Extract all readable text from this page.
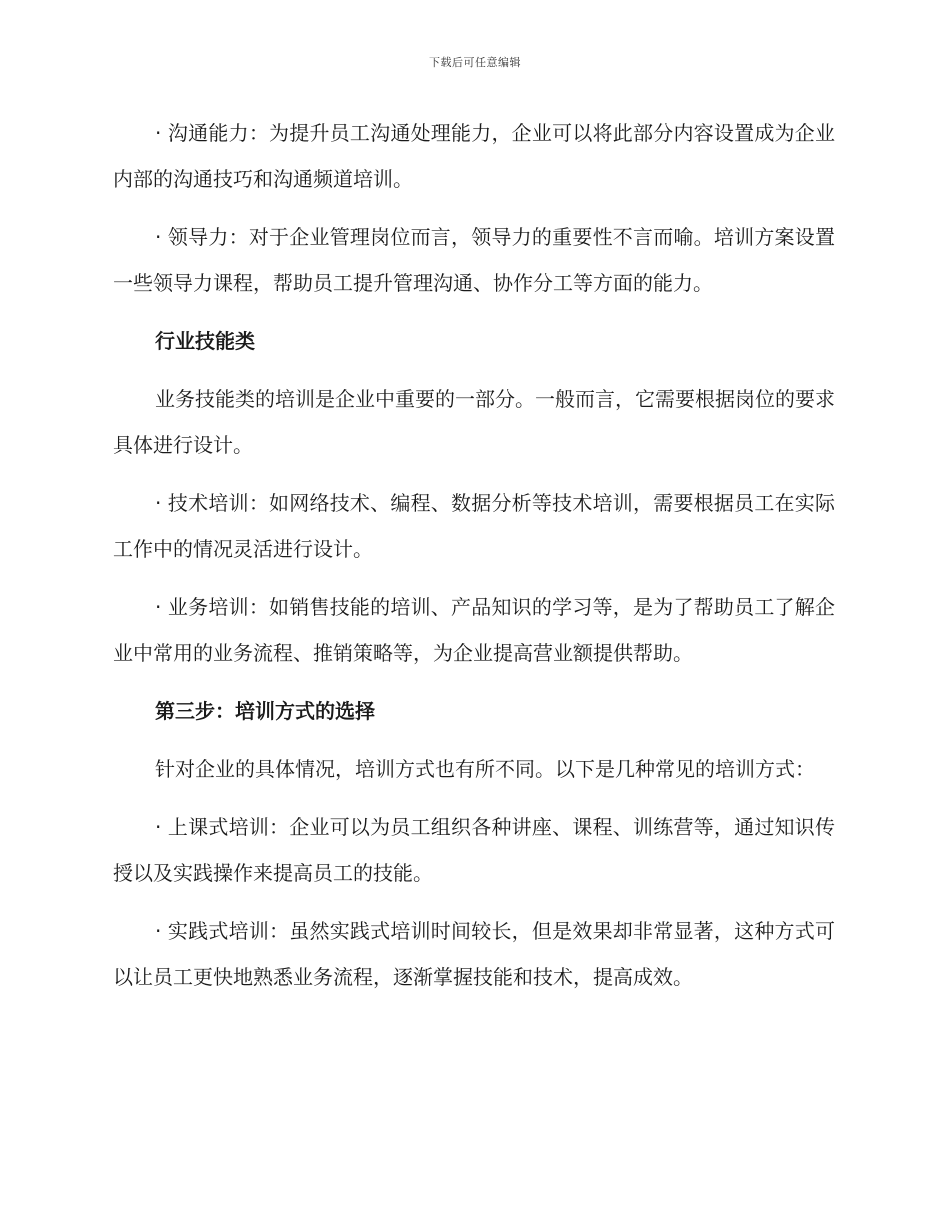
下载后可任意编辑

· 沟通能力：为提升员工沟通处理能力，企业可以将此部分内容设置成为企业内部的沟通技巧和沟通频道培训。

· 领导力：对于企业管理岗位而言，领导力的重要性不言而喻。培训方案设置一些领导力课程，帮助员工提升管理沟通、协作分工等方面的能力。

行业技能类

业务技能类的培训是企业中重要的一部分。一般而言，它需要根据岗位的要求具体进行设计。

· 技术培训：如网络技术、编程、数据分析等技术培训，需要根据员工在实际工作中的情况灵活进行设计。

· 业务培训：如销售技能的培训、产品知识的学习等，是为了帮助员工了解企业中常用的业务流程、推销策略等，为企业提高营业额提供帮助。

第三步：培训方式的选择

针对企业的具体情况，培训方式也有所不同。以下是几种常见的培训方式：

· 上课式培训：企业可以为员工组织各种讲座、课程、训练营等，通过知识传授以及实践操作来提高员工的技能。

· 实践式培训：虽然实践式培训时间较长，但是效果却非常显著，这种方式可以让员工更快地熟悉业务流程，逐渐掌握技能和技术，提高成效。
